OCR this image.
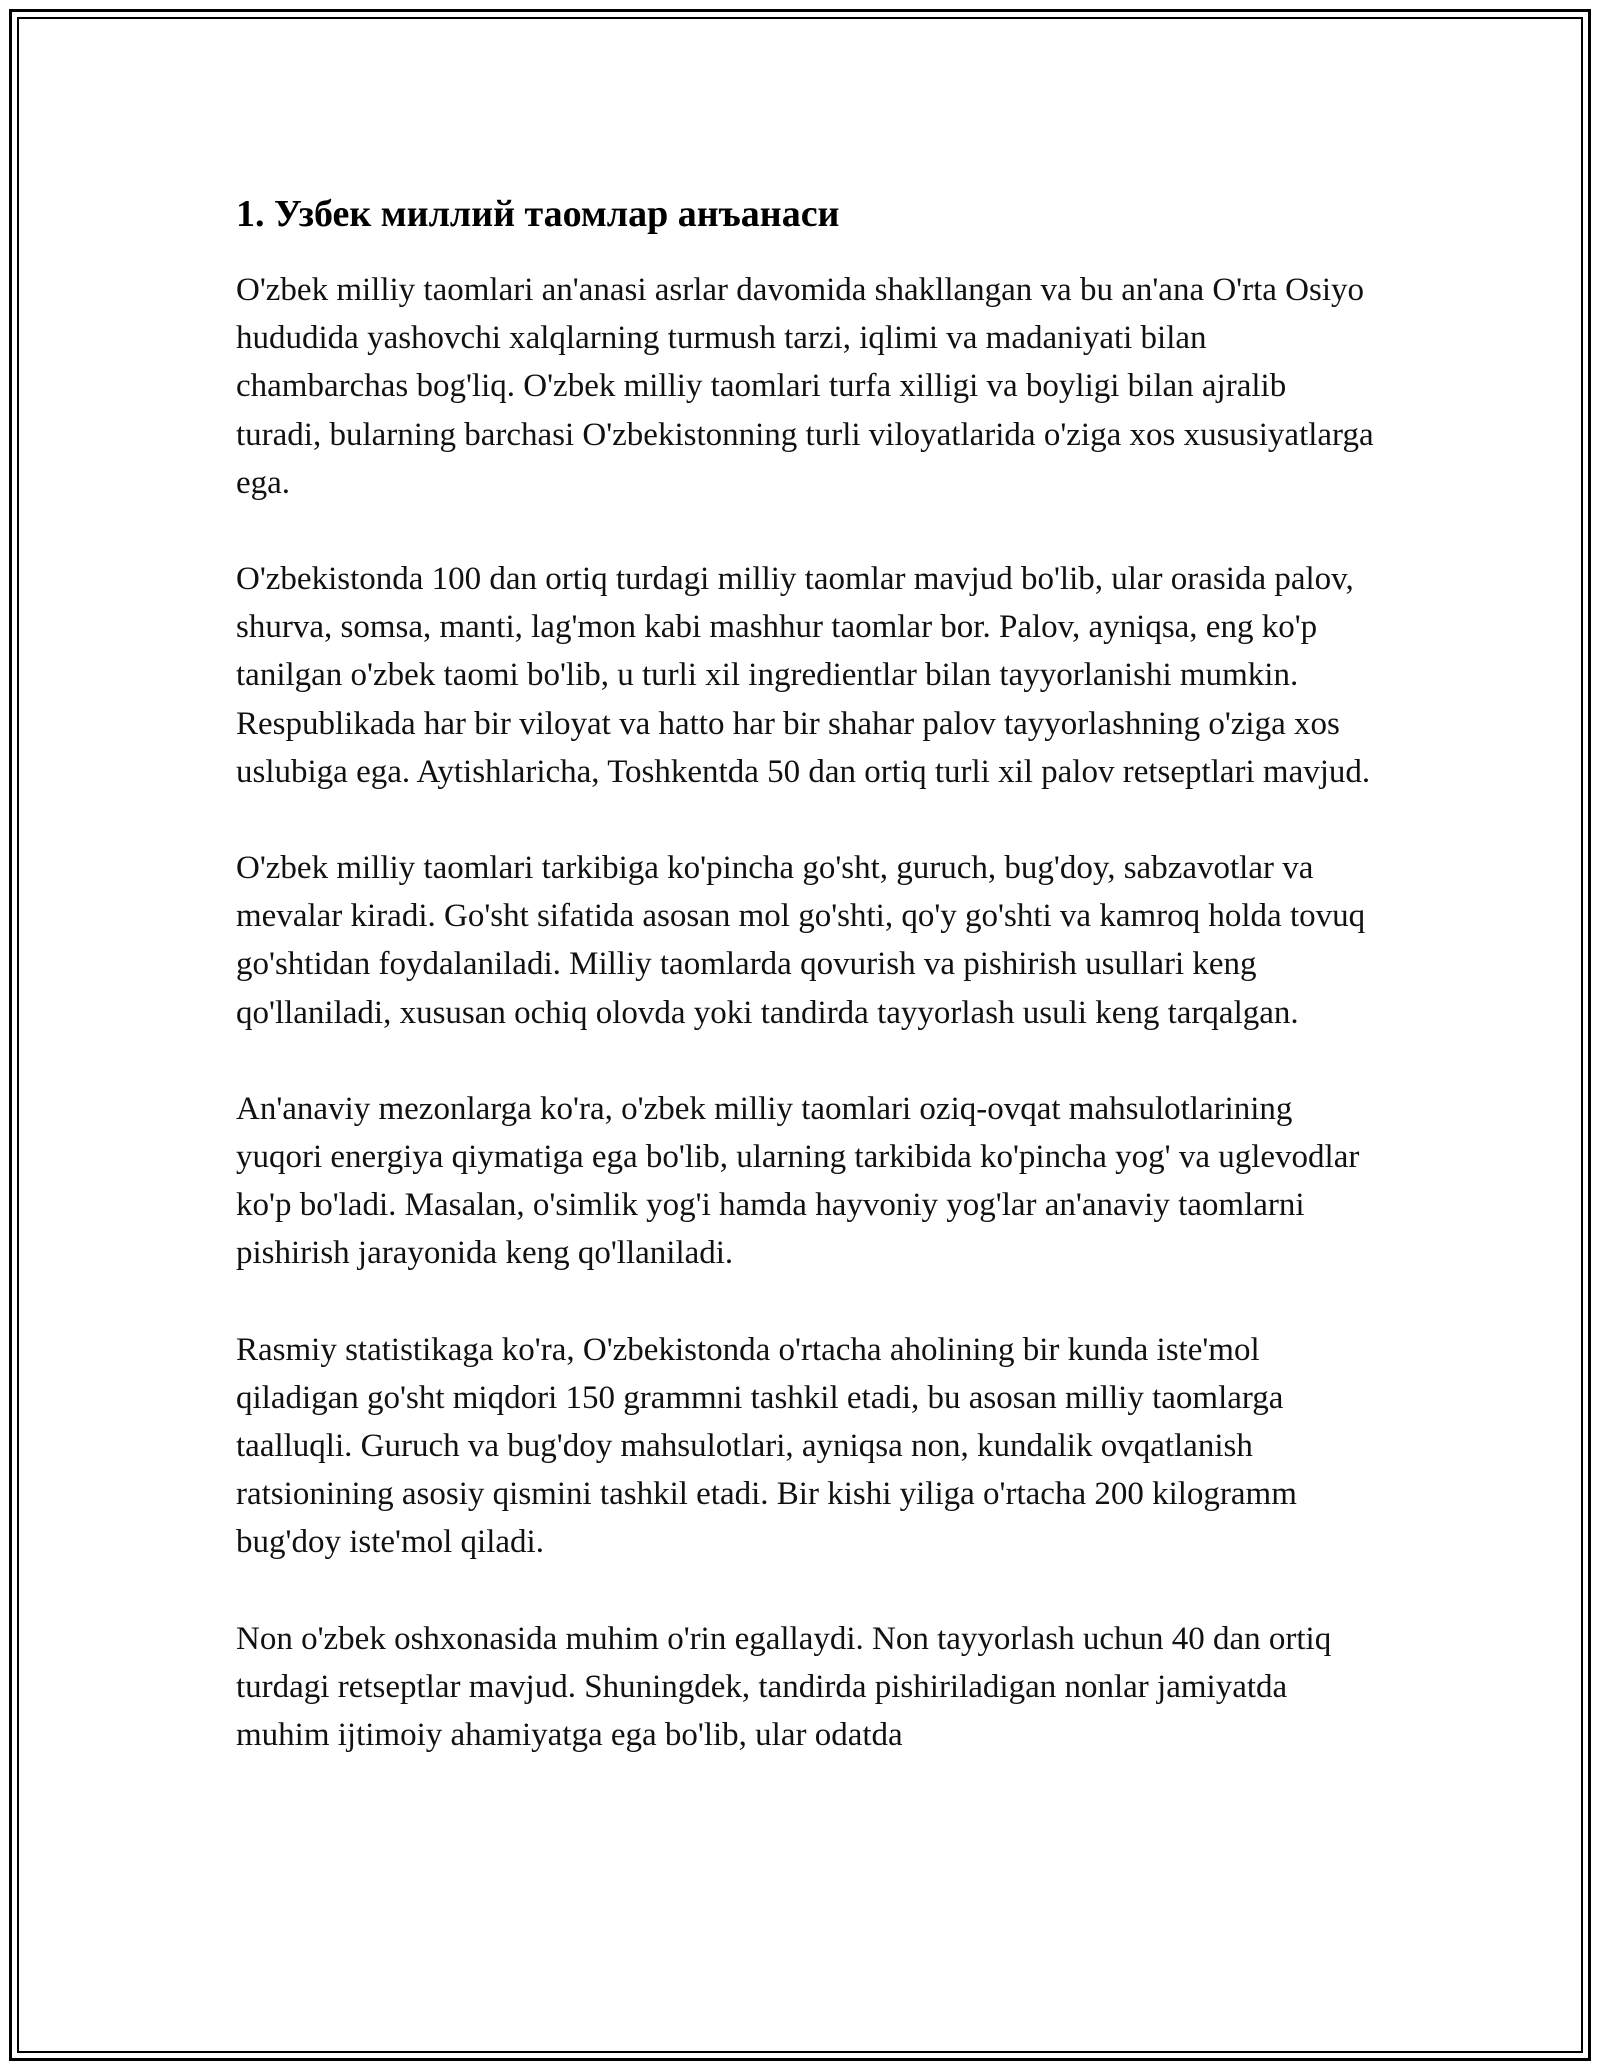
1. Узбек миллий таомлар анъанаси

O'zbek milliy taomlari an'anasi asrlar davomida shakllangan va bu an'ana O'rta Osiyo hududida yashovchi xalqlarning turmush tarzi, iqlimi va madaniyati bilan chambarchas bog'liq. O'zbek milliy taomlari turfa xilligi va boyligi bilan ajralib turadi, bularning barchasi O'zbekistonning turli viloyatlarida o'ziga xos xususiyatlarga ega.

O'zbekistonda 100 dan ortiq turdagi milliy taomlar mavjud bo'lib, ular orasida palov, shurva, somsa, manti, lag'mon kabi mashhur taomlar bor. Palov, ayniqsa, eng ko'p tanilgan o'zbek taomi bo'lib, u turli xil ingredientlar bilan tayyorlanishi mumkin. Respublikada har bir viloyat va hatto har bir shahar palov tayyorlashning o'ziga xos uslubiga ega. Aytishlaricha, Toshkentda 50 dan ortiq turli xil palov retseptlari mavjud.

O'zbek milliy taomlari tarkibiga ko'pincha go'sht, guruch, bug'doy, sabzavotlar va mevalar kiradi. Go'sht sifatida asosan mol go'shti, qo'y go'shti va kamroq holda tovuq go'shtidan foydalaniladi. Milliy taomlarda qovurish va pishirish usullari keng qo'llaniladi, xususan ochiq olovda yoki tandirda tayyorlash usuli keng tarqalgan.

An'anaviy mezonlarga ko'ra, o'zbek milliy taomlari oziq-ovqat mahsulotlarining yuqori energiya qiymatiga ega bo'lib, ularning tarkibida ko'pincha yog' va uglevodlar ko'p bo'ladi. Masalan, o'simlik yog'i hamda hayvoniy yog'lar an'anaviy taomlarni pishirish jarayonida keng qo'llaniladi.

Rasmiy statistikaga ko'ra, O'zbekistonda o'rtacha aholining bir kunda iste'mol qiladigan go'sht miqdori 150 grammni tashkil etadi, bu asosan milliy taomlarga taalluqli. Guruch va bug'doy mahsulotlari, ayniqsa non, kundalik ovqatlanish ratsionining asosiy qismini tashkil etadi. Bir kishi yiliga o'rtacha 200 kilogramm bug'doy iste'mol qiladi.

Non o'zbek oshxonasida muhim o'rin egallaydi. Non tayyorlash uchun 40 dan ortiq turdagi retseptlar mavjud. Shuningdek, tandirda pishiriladigan nonlar jamiyatda muhim ijtimoiy ahamiyatga ega bo'lib, ular odatda
